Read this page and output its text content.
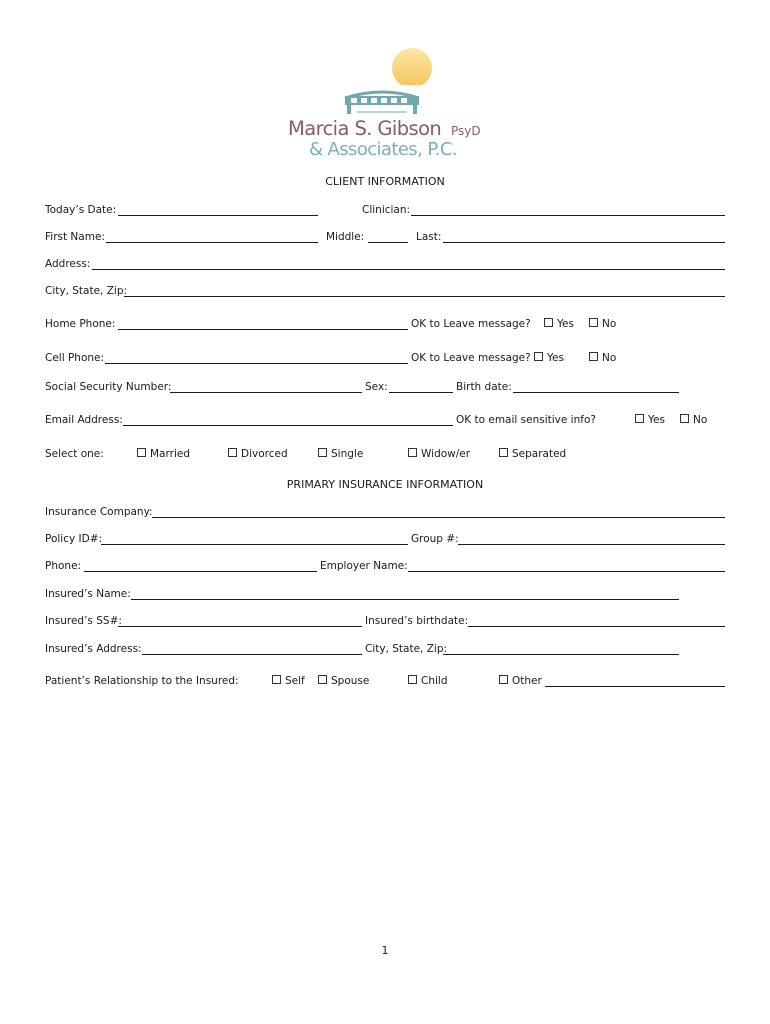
Marcia S. Gibson PsyD
& Associates, P.C.
CLIENT INFORMATION
Today’s Date:	Clinician:
First Name:	Middle:	Last:
Address:
City, State, Zip:
Home Phone:	OK to Leave message?	Yes	No
Cell Phone:	OK to Leave message?	Yes	No
Social Security Number:	Sex:	Birth date:
Email Address:	OK to email sensitive info?	Yes	No
Select one:	Married	Divorced	Single	Widow/er	Separated
PRIMARY INSURANCE INFORMATION
Insurance Company:
Policy ID#:	Group #:
Phone:	Employer Name:
Insured’s Name:
Insured’s SS#:	Insured’s birthdate:
Insured’s Address:	City, State, Zip:
Patient’s Relationship to the Insured:	Self	Spouse	Child	Other
1
